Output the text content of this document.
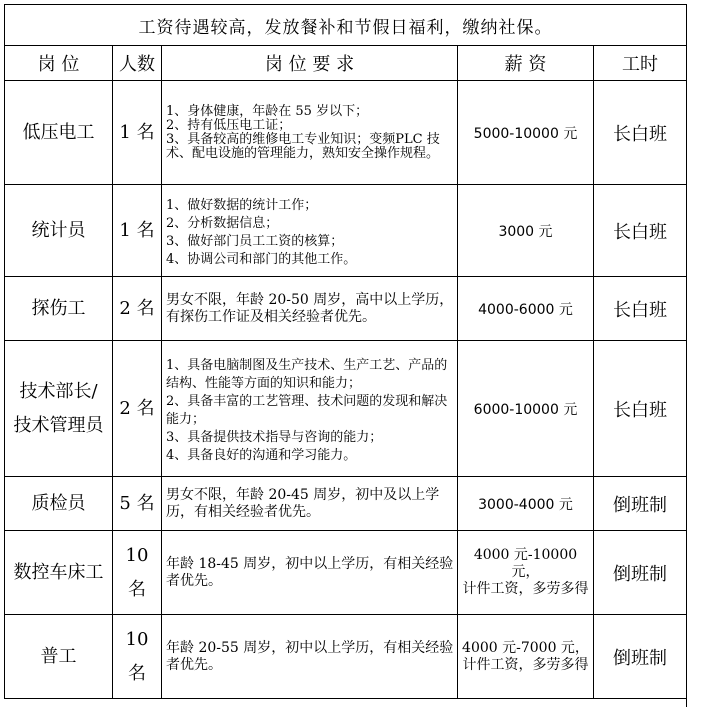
工资待遇较高，发放餐补和节假日福利，缴纳社保。				
岗 位	人数	岗 位 要 求	薪 资	工时
低压电工	1 名	1、身体健康，年龄在 55 岁以下；
2、持有低压电工证；
3、具备较高的维修电工专业知识；变频PLC 技术、配电设施的管理能力，熟知安全操作规程。	5000-10000 元	长白班
统计员	1 名	1、做好数据的统计工作；
2、分析数据信息；
3、做好部门员工工资的核算；
4、协调公司和部门的其他工作。	3000 元	长白班
探伤工	2 名	男女不限，年龄 20-50 周岁，高中以上学历，有探伤工作证及相关经验者优先。	4000-6000 元	长白班

技术部长/
技术管理员	2 名	1、具备电脑制图及生产技术、生产工艺、产品的结构、性能等方面的知识和能力；
2、具备丰富的工艺管理、技术问题的发现和解决能力；
3、具备提供技术指导与咨询的能力；
4、具备良好的沟通和学习能力。	6000-10000 元	长白班
质检员	5 名	男女不限，年龄 20-45 周岁，初中及以上学历，有相关经验者优先。	3000-4000 元	倒班制
数控车床工	10
名	年龄 18-45 周岁，初中以上学历，有相关经验者优先。	4000 元-10000 元，
计件工资，多劳多得	倒班制
普工	10
名	年龄 20-55 周岁，初中以上学历，有相关经验者优先。	4000 元-7000 元，
计件工资，多劳多得	倒班制
